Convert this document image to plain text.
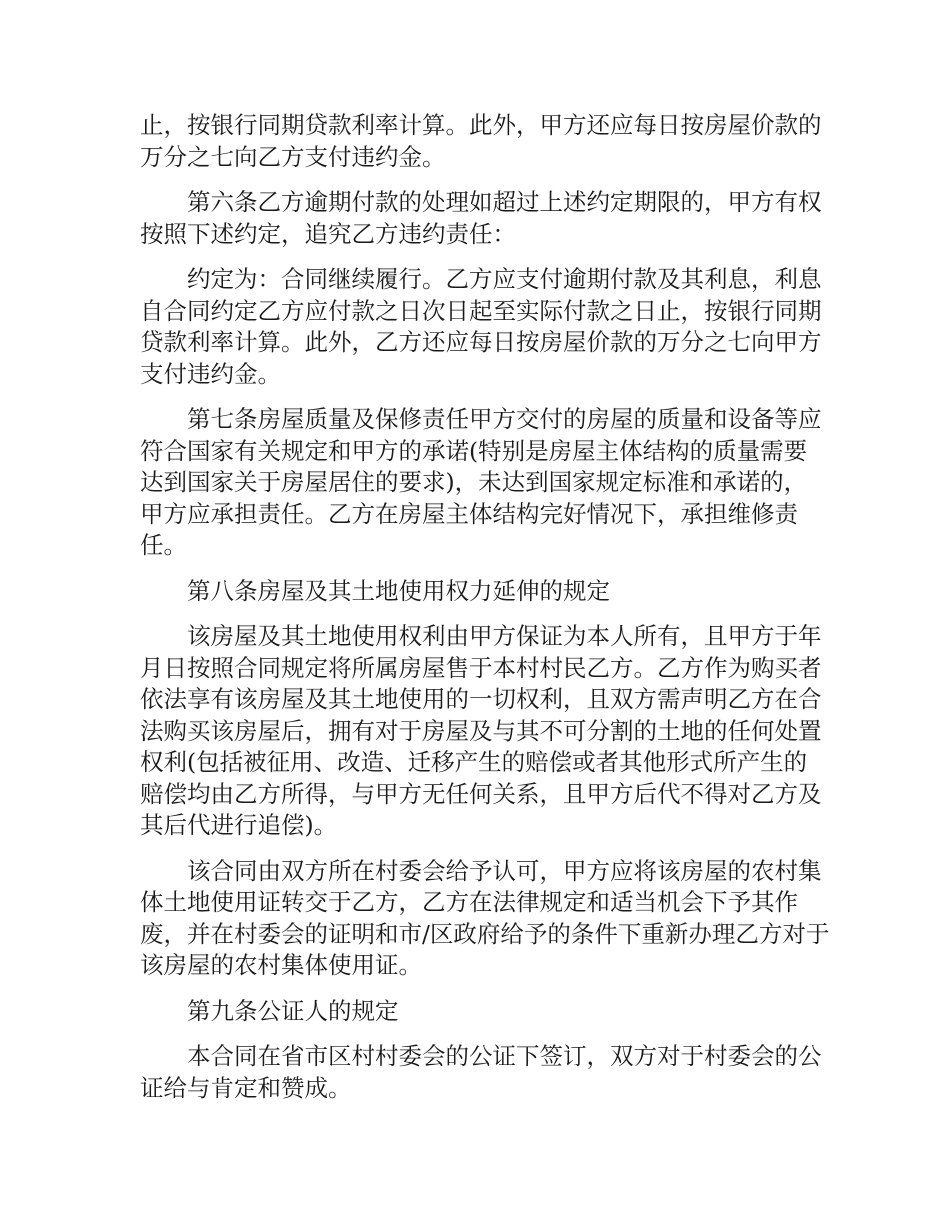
止，按银行同期贷款利率计算。此外，甲方还应每日按房屋价款的万分之七向乙方支付违约金。

第六条乙方逾期付款的处理如超过上述约定期限的，甲方有权按照下述约定，追究乙方违约责任：

约定为：合同继续履行。乙方应支付逾期付款及其利息，利息自合同约定乙方应付款之日次日起至实际付款之日止，按银行同期贷款利率计算。此外，乙方还应每日按房屋价款的万分之七向甲方支付违约金。

第七条房屋质量及保修责任甲方交付的房屋的质量和设备等应符合国家有关规定和甲方的承诺(特别是房屋主体结构的质量需要达到国家关于房屋居住的要求)，未达到国家规定标准和承诺的，甲方应承担责任。乙方在房屋主体结构完好情况下，承担维修责任。

第八条房屋及其土地使用权力延伸的规定

该房屋及其土地使用权利由甲方保证为本人所有，且甲方于年月日按照合同规定将所属房屋售于本村村民乙方。乙方作为购买者依法享有该房屋及其土地使用的一切权利，且双方需声明乙方在合法购买该房屋后，拥有对于房屋及与其不可分割的土地的任何处置权利(包括被征用、改造、迁移产生的赔偿或者其他形式所产生的赔偿均由乙方所得，与甲方无任何关系，且甲方后代不得对乙方及其后代进行追偿)。

该合同由双方所在村委会给予认可，甲方应将该房屋的农村集体土地使用证转交于乙方，乙方在法律规定和适当机会下予其作废，并在村委会的证明和市/区政府给予的条件下重新办理乙方对于该房屋的农村集体使用证。

第九条公证人的规定

本合同在省市区村村委会的公证下签订，双方对于村委会的公证给与肯定和赞成。
